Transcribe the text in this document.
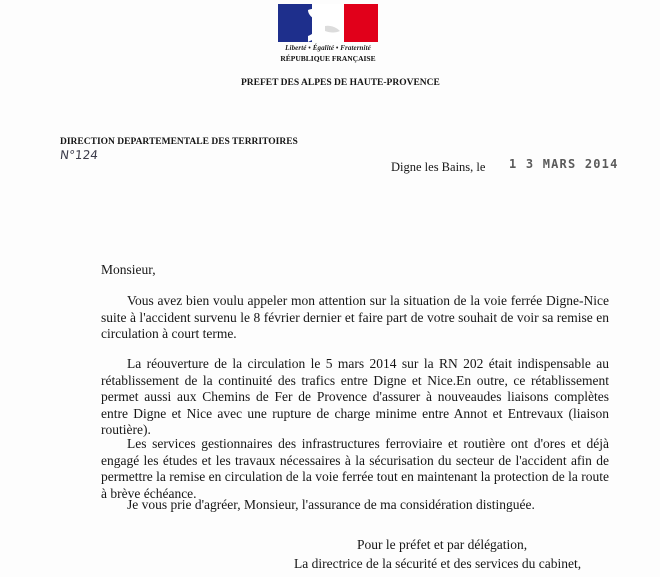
Liberté • Égalité • Fraternité
RÉPUBLIQUE FRANÇAISE
PREFET DES ALPES DE HAUTE-PROVENCE
DIRECTION DEPARTEMENTALE DES TERRITOIRES
N°124
Digne les Bains, le 1 3 MARS 2014
Monsieur,
Vous avez bien voulu appeler mon attention sur la situation de la voie ferrée Digne-Nice suite à l'accident survenu le 8 février dernier et faire part de votre souhait de voir sa remise en circulation à court terme.
La réouverture de la circulation le 5 mars 2014 sur la RN 202 était indispensable au rétablissement de la continuité des trafics entre Digne et Nice.En outre, ce rétablissement permet aussi aux Chemins de Fer de Provence d'assurer à nouveaudes liaisons complètes entre Digne et Nice avec une rupture de charge minime entre Annot et Entrevaux (liaison routière).
Les services gestionnaires des infrastructures ferroviaire et routière ont d'ores et déjà engagé les études et les travaux nécessaires à la sécurisation du secteur de l'accident afin de permettre la remise en circulation de la voie ferrée tout en maintenant la protection de la route à brève échéance.
Je vous prie d'agréer, Monsieur, l'assurance de ma considération distinguée.
Pour le préfet et par délégation,
La directrice de la sécurité et des services du cabinet,
